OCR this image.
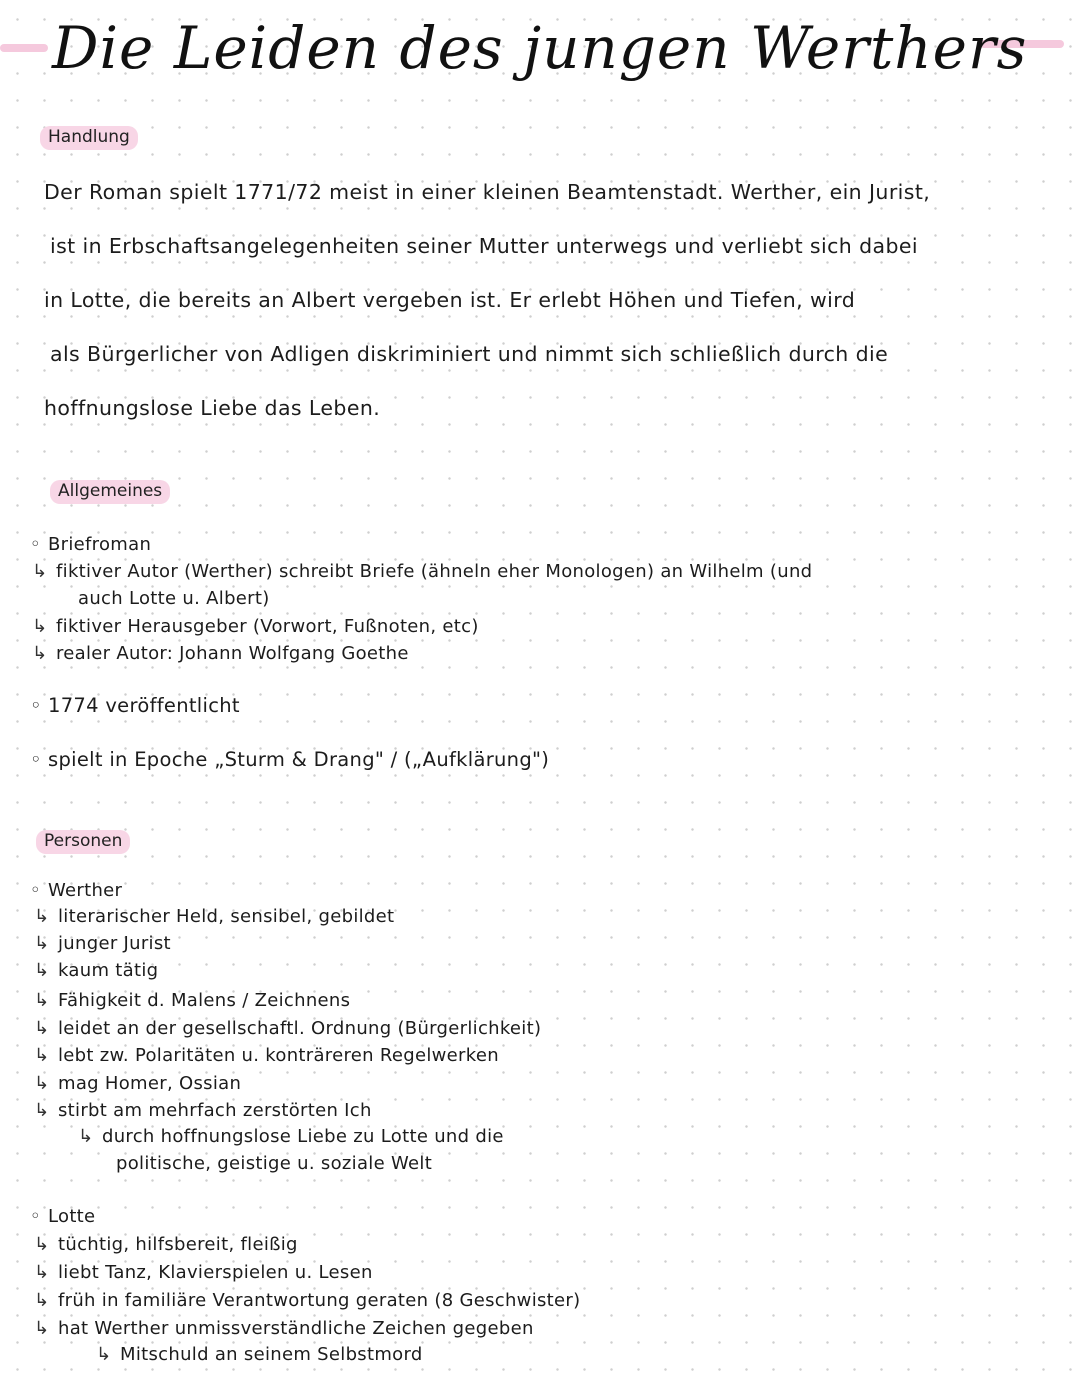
Die Leiden des jungen Werthers
Handlung
Der Roman spielt 1771/72 meist in einer kleinen Beamtenstadt. Werther, ein Jurist,
ist in Erbschaftsangelegenheiten seiner Mutter unterwegs und verliebt sich dabei
in Lotte, die bereits an Albert vergeben ist. Er erlebt Höhen und Tiefen, wird
als Bürgerlicher von Adligen diskriminiert und nimmt sich schließlich durch die
hoffnungslose Liebe das Leben.
Allgemeines
◦ Briefroman
↳ fiktiver Autor (Werther) schreibt Briefe (ähneln eher Monologen) an Wilhelm (und
auch Lotte u. Albert)
↳ fiktiver Herausgeber (Vorwort, Fußnoten, etc)
↳ realer Autor: Johann Wolfgang Goethe
◦ 1774 veröffentlicht
◦ spielt in Epoche „Sturm & Drang" / („Aufklärung")
Personen
◦ Werther
↳ literarischer Held, sensibel, gebildet
↳ junger Jurist
↳ kaum tätig
↳ Fähigkeit d. Malens / Zeichnens
↳ leidet an der gesellschaftl. Ordnung (Bürgerlichkeit)
↳ lebt zw. Polaritäten u. konträreren Regelwerken
↳ mag Homer, Ossian
↳ stirbt am mehrfach zerstörten Ich
↳ durch hoffnungslose Liebe zu Lotte und die
politische, geistige u. soziale Welt
◦ Lotte
↳ tüchtig, hilfsbereit, fleißig
↳ liebt Tanz, Klavierspielen u. Lesen
↳ früh in familiäre Verantwortung geraten (8 Geschwister)
↳ hat Werther unmissverständliche Zeichen gegeben
↳ Mitschuld an seinem Selbstmord
